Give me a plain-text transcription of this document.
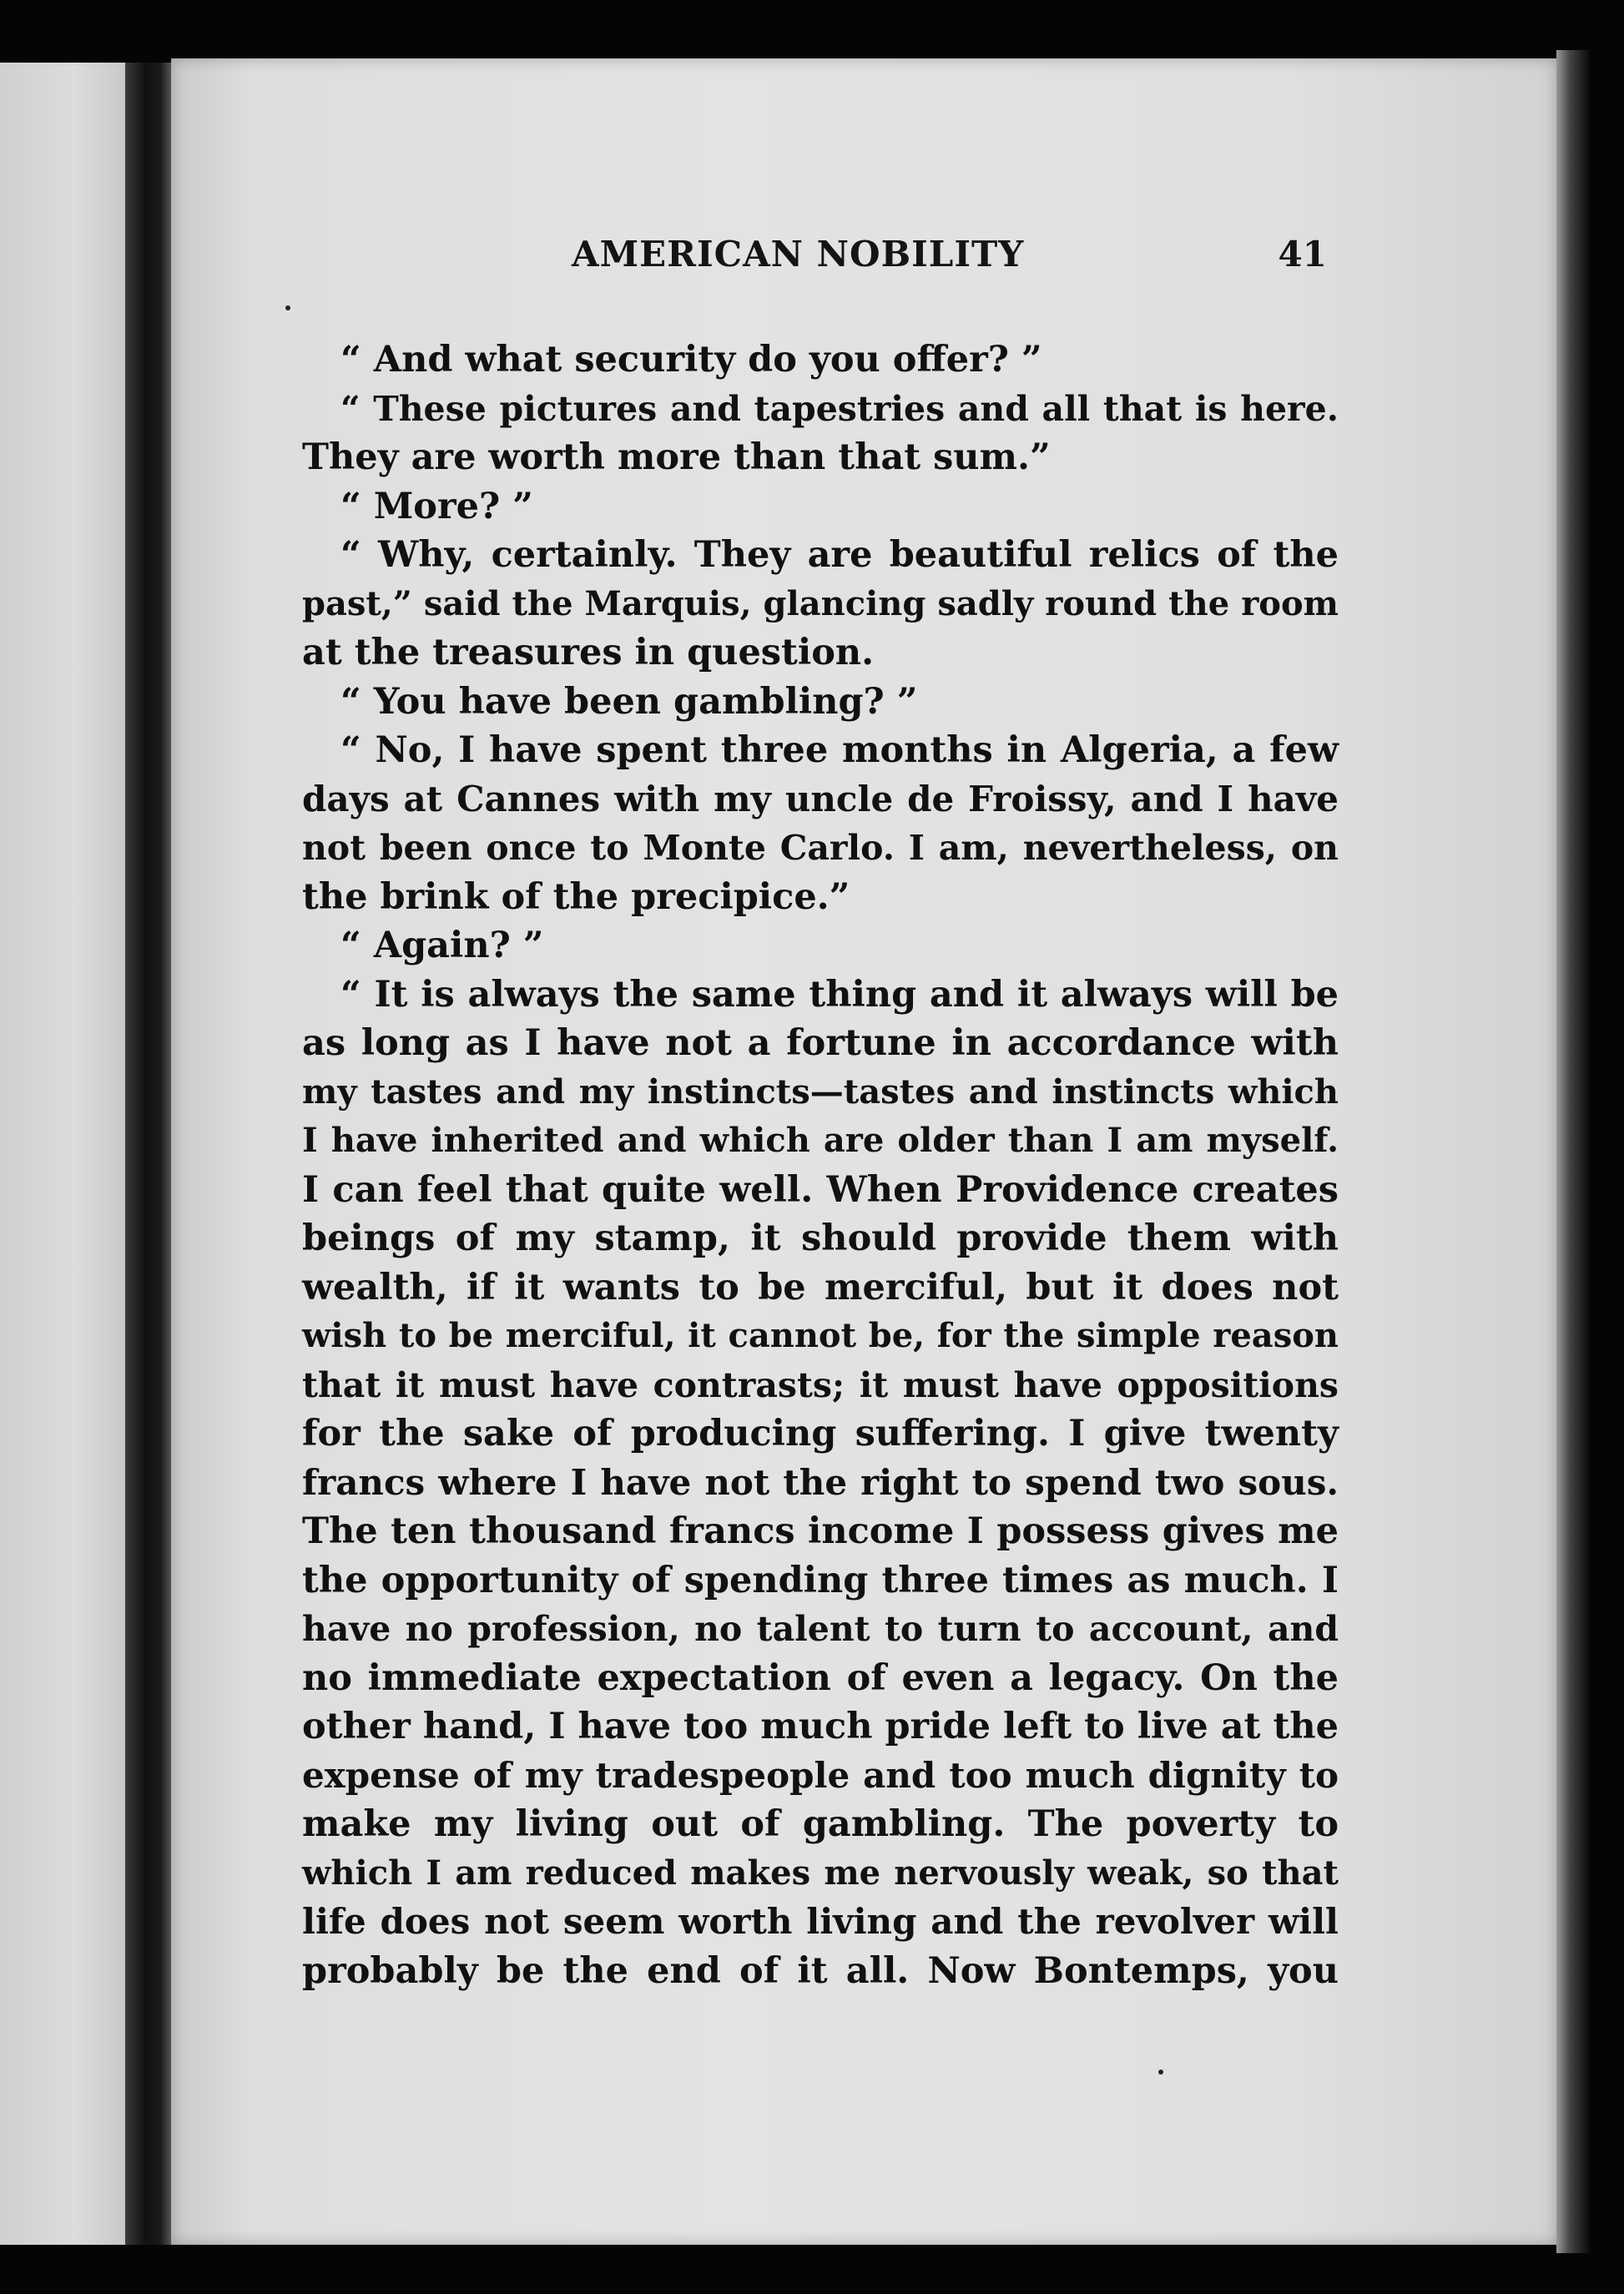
AMERICAN NOBILITY	41
“ And what security do you offer? ”
“ These pictures and tapestries and all that is here.
They are worth more than that sum.”
“ More? ”
“ Why, certainly. They are beautiful relics of the
past,” said the Marquis, glancing sadly round the room
at the treasures in question.
“ You have been gambling? ”
“ No, I have spent three months in Algeria, a few
days at Cannes with my uncle de Froissy, and I have
not been once to Monte Carlo. I am, nevertheless, on
the brink of the precipice.”
“ Again? ”
“ It is always the same thing and it always will be
as long as I have not a fortune in accordance with
my tastes and my instincts—tastes and instincts which
I have inherited and which are older than I am myself.
I can feel that quite well. When Providence creates
beings of my stamp, it should provide them with
wealth, if it wants to be merciful, but it does not
wish to be merciful, it cannot be, for the simple reason
that it must have contrasts; it must have oppositions
for the sake of producing suffering. I give twenty
francs where I have not the right to spend two sous.
The ten thousand francs income I possess gives me
the opportunity of spending three times as much. I
have no profession, no talent to turn to account, and
no immediate expectation of even a legacy. On the
other hand, I have too much pride left to live at the
expense of my tradespeople and too much dignity to
make my living out of gambling. The poverty to
which I am reduced makes me nervously weak, so that
life does not seem worth living and the revolver will
probably be the end of it all. Now Bontemps, you
